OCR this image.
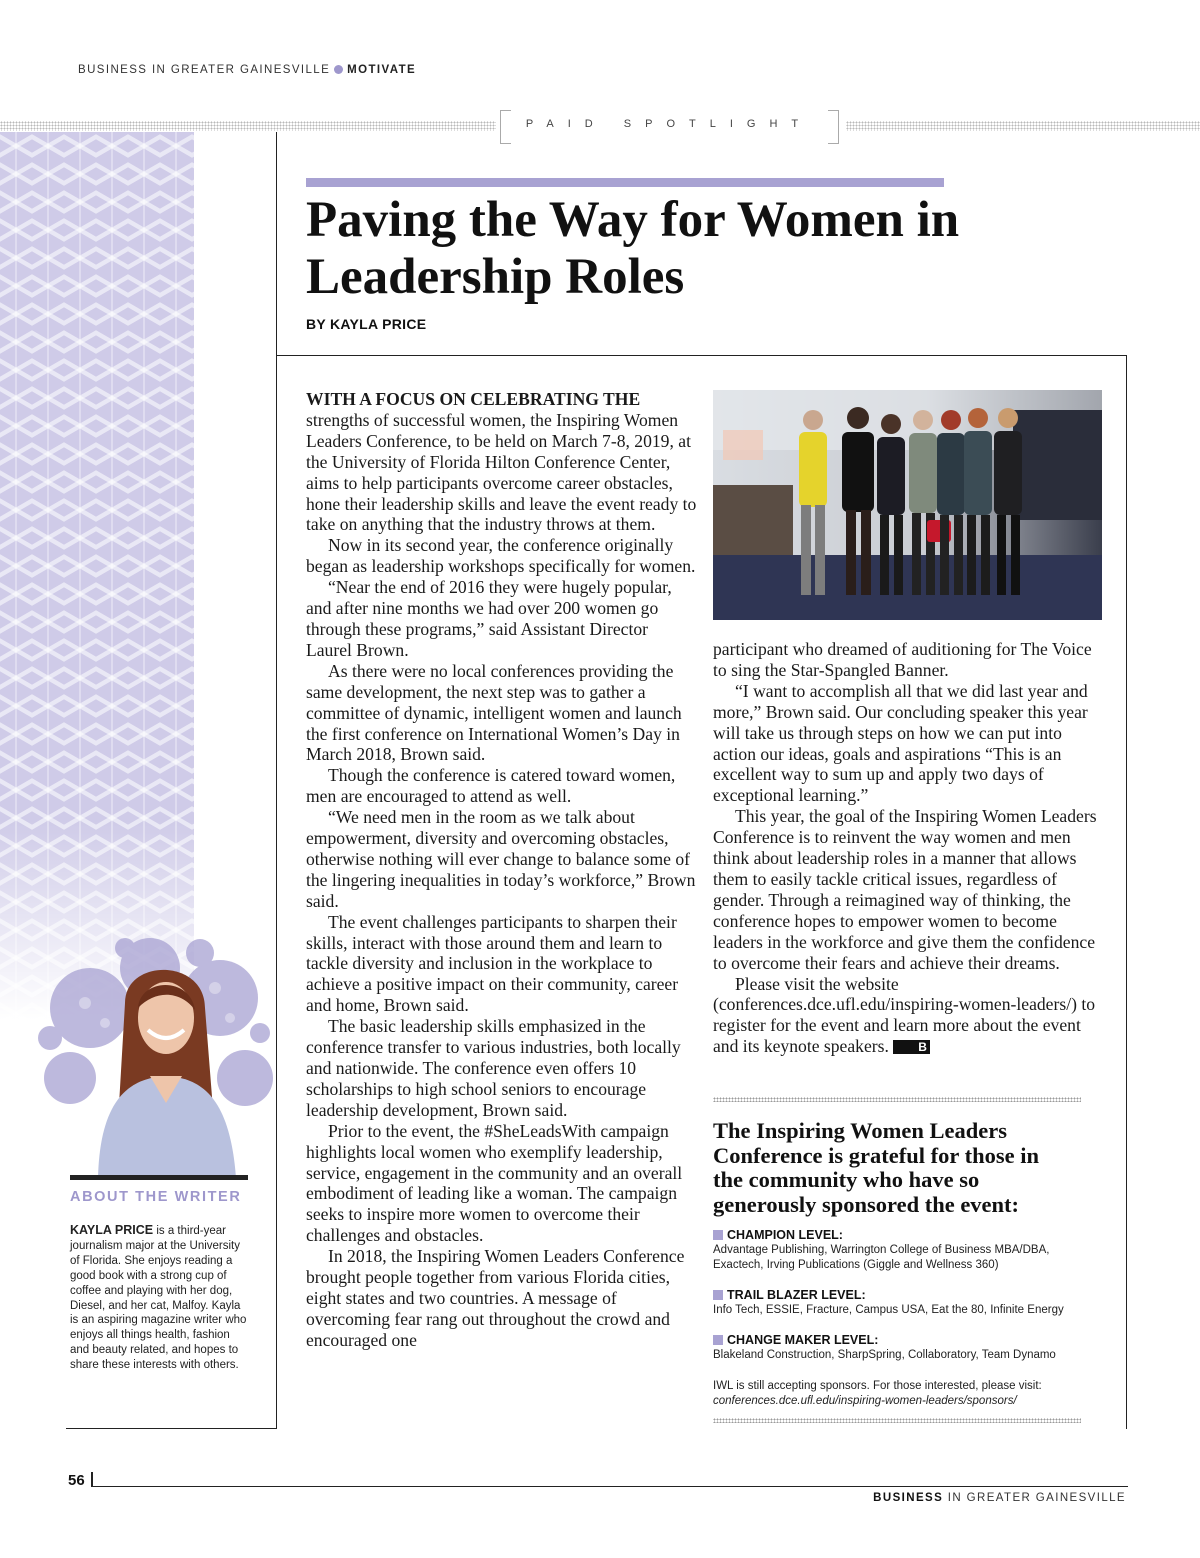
BUSINESS IN GREATER GAINESVILLE MOTIVATE
PAID SPOTLIGHT
Paving the Way for Women in Leadership Roles
BY KAYLA PRICE

WITH A FOCUS ON CELEBRATING THE
strengths of successful women, the Inspiring Women Leaders Conference, to be held on March 7-8, 2019, at the University of Florida Hilton Conference Center, aims to help participants overcome career obstacles, hone their leadership skills and leave the event ready to take on anything that the industry throws at them.

Now in its second year, the conference originally began as leadership workshops specifically for women.

“Near the end of 2016 they were hugely popular, and after nine months we had over 200 women go through these programs,” said Assistant Director Laurel Brown.

As there were no local conferences providing the same development, the next step was to gather a committee of dynamic, intelligent women and launch the first conference on International Women’s Day in March 2018, Brown said.

Though the conference is catered toward women, men are encouraged to attend as well.

“We need men in the room as we talk about empowerment, diversity and overcoming obstacles, otherwise nothing will ever change to balance some of the lingering inequalities in today’s workforce,” Brown said.

The event challenges participants to sharpen their skills, interact with those around them and learn to tackle diversity and inclusion in the workplace to achieve a positive impact on their community, career and home, Brown said.

The basic leadership skills emphasized in the conference transfer to various industries, both locally and nationwide. The conference even offers 10 scholarships to high school seniors to encourage leadership development, Brown said.

Prior to the event, the #SheLeadsWith campaign highlights local women who exemplify leadership, service, engagement in the community and an overall embodiment of leading like a woman. The campaign seeks to inspire more women to overcome their challenges and obstacles.

In 2018, the Inspiring Women Leaders Conference brought people together from various Florida cities, eight states and two countries. A message of overcoming fear rang out throughout the crowd and encouraged one

participant who dreamed of auditioning for The Voice to sing the Star-Spangled Banner.

“I want to accomplish all that we did last year and more,” Brown said. Our concluding speaker this year will take us through steps on how we can put into action our ideas, goals and aspirations “This is an excellent way to sum up and apply two days of exceptional learning.”

This year, the goal of the Inspiring Women Leaders Conference is to reinvent the way women and men think about leadership roles in a manner that allows them to easily tackle critical issues, regardless of gender. Through a reimagined way of thinking, the conference hopes to empower women to become leaders in the workforce and give them the confidence to overcome their fears and achieve their dreams.

Please visit the website (conferences.dce.ufl.edu/inspiring-women-leaders/) to register for the event and learn more about the event and its keynote speakers. B

The Inspiring Women Leaders Conference is grateful for those in the community who have so generously sponsored the event:
CHAMPION LEVEL:
Advantage Publishing, Warrington College of Business MBA/DBA, Exactech, Irving Publications (Giggle and Wellness 360)
TRAIL BLAZER LEVEL:
Info Tech, ESSIE, Fracture, Campus USA, Eat the 80, Infinite Energy
CHANGE MAKER LEVEL:
Blakeland Construction, SharpSpring, Collaboratory, Team Dynamo
IWL is still accepting sponsors. For those interested, please visit:
conferences.dce.ufl.edu/inspiring-women-leaders/sponsors/
ABOUT THE WRITER
KAYLA PRICE is a third-year journalism major at the University of Florida. She enjoys reading a good book with a strong cup of coffee and playing with her dog, Diesel, and her cat, Malfoy. Kayla is an aspiring magazine writer who enjoys all things health, fashion and beauty related, and hopes to share these interests with others.
56
BUSINESS IN GREATER GAINESVILLE
